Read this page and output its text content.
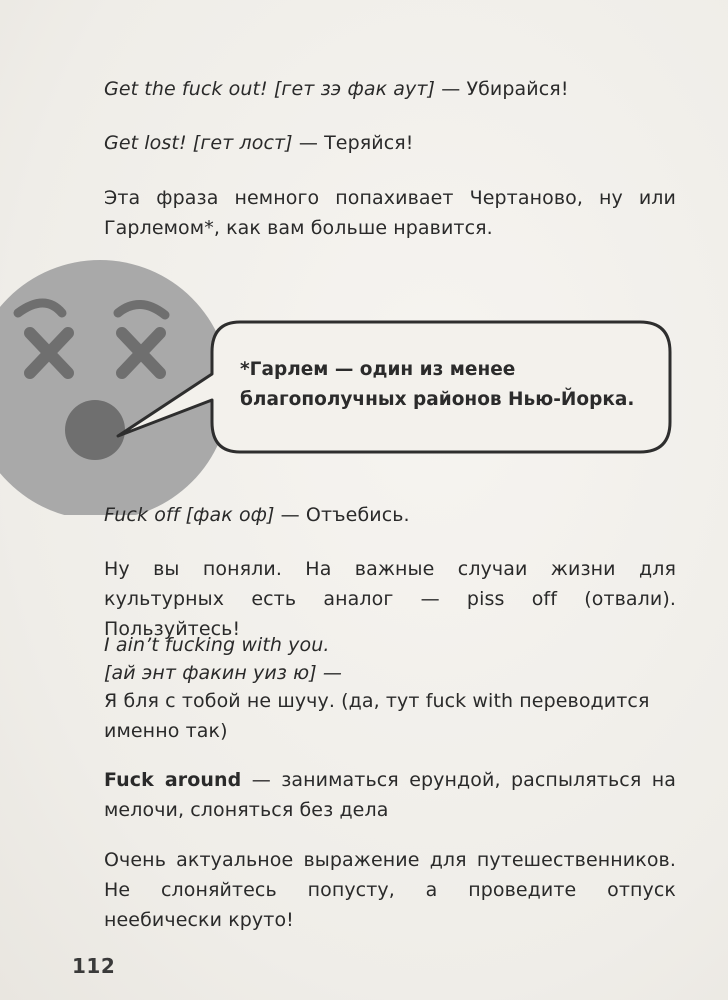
Get the fuck out! [гет зэ фак аут] — Убирайся!
Get lost! [гет лост] — Теряйся!
Эта фраза немного попахивает Чертаново, ну или Гарлемом*, как вам больше нравится.
*Гарлем — один из менее благополучных районов Нью-Йорка.
Fuck off [фак оф] — Отъебись.
Ну вы поняли. На важные случаи жизни для культурных есть аналог — piss off (отвали). Пользуйтесь!
I ain’t fucking with you.
[ай энт факин уиз ю] —
Я бля с тобой не шучу. (да, тут fuck with переводится именно так)
Fuck around — заниматься ерундой, распыляться на мелочи, слоняться без дела
Очень актуальное выражение для путешественников. Не слоняйтесь попусту, а проведите отпуск неебически круто!
112
